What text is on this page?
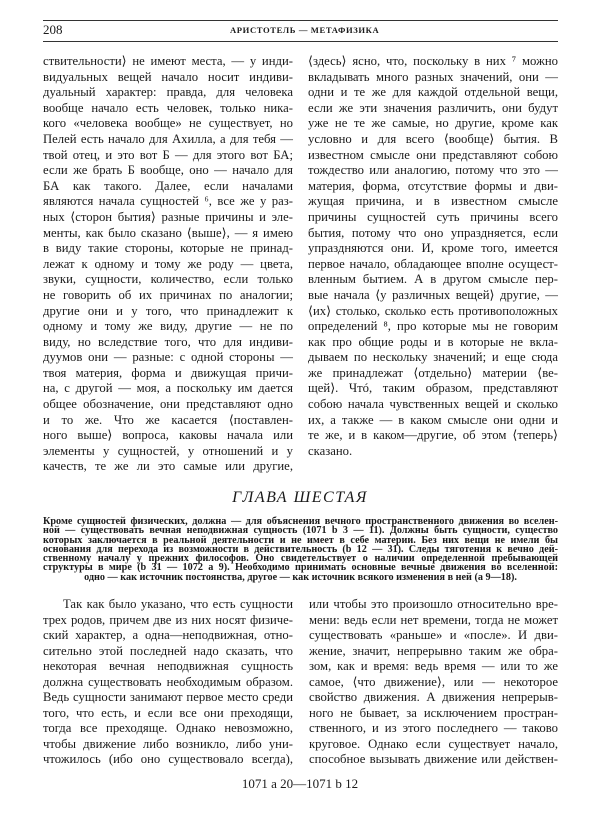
208	АРИСТОТЕЛЬ — МЕТАФИЗИКА
ствительности⟩ не имеют места, — у инди-
видуальных вещей начало носит индиви-
дуальный характер: правда, для человека
вообще начало есть человек, только ника-
кого «человека вообще» не существует, но
Пелей есть начало для Ахилла, а для тебя —
твой отец, и это вот Б — для этого вот БА;
если же брать Б вообще, оно — начало для
БА как такого. Далее, если началами
являются начала сущностей ⁶, все же у раз-
ных ⟨сторон бытия⟩ разные причины и эле-
менты, как было сказано ⟨выше⟩, — я имею
в виду такие стороны, которые не принад-
лежат к одному и тому же роду — цвета,
звуки, сущности, количество, если только
не говорить об их причинах по аналогии;
другие они и у того, что принадлежит к
одному и тому же виду, другие — не по
виду, но вследствие того, что для индиви-
дуумов они — разные: с одной стороны —
твоя материя, форма и движущая причи-
на, с другой — моя, а поскольку им дается
общее обозначение, они представляют одно
и то же. Что же касается ⟨поставлен-
ного выше⟩ вопроса, каковы начала или
элементы у сущностей, у отношений и у
качеств, те же ли это самые или другие,
⟨здесь⟩ ясно, что, поскольку в них ⁷ можно
вкладывать много разных значений, они —
одни и те же для каждой отдельной вещи,
если же эти значения различить, они будут
уже не те же самые, но другие, кроме как
условно и для всего ⟨вообще⟩ бытия. В
известном смысле они представляют собою
тождество или аналогию, потому что это —
материя, форма, отсутствие формы и дви-
жущая причина, и в известном смысле
причины сущностей суть причины всего
бытия, потому что оно упраздняется, если
упраздняются они. И, кроме того, имеется
первое начало, обладающее вполне осущест-
вленным бытием. А в другом смысле пер-
вые начала ⟨у различных вещей⟩ другие, —
⟨их⟩ столько, сколько есть противоположных
определений ⁸, про которые мы не говорим
как про общие роды и в которые не вкла-
дываем по нескольку значений; и еще сюда
же принадлежат ⟨отдельно⟩ материи ⟨ве-
щей⟩. Чтó, таким образом, представляют
собою начала чувственных вещей и сколько
их, а также — в каком смысле они одни и
те же, и в каком—другие, об этом ⟨теперь⟩
сказано.
ГЛАВА ШЕСТАЯ
Кроме сущностей физических, должна — для объяснения вечного пространственного движения во вселен-
ной — существовать вечная неподвижная сущность (1071 b 3 — 11). Должны быть сущности, существо
которых заключается в реальной деятельности и не имеет в себе материи. Без них вещи не имели бы
основания для перехода из возможности в действительность (b 12 — 31). Следы тяготения к вечно дей-
ственному началу у прежних философов. Оно свидетельствует о наличии определенной пребывающей
структуры в мире (b 31 — 1072 a 9). Необходимо принимать основные вечные движения во вселенной:
одно — как источник постоянства, другое — как источник всякого изменения в ней (a 9—18).
Так как было указано, что есть сущности
трех родов, причем две из них носят физиче-
ский характер, а одна—неподвижная, отно-
сительно этой последней надо сказать, что
некоторая вечная неподвижная сущность
должна существовать необходимым образом.
Ведь сущности занимают первое место среди
того, что есть, и если все они преходящи,
тогда все преходяще. Однако невозможно,
чтобы движение либо возникло, либо уни-
чтожилось (ибо оно существовало всегда),
или чтобы это произошло относительно вре-
мени: ведь если нет времени, тогда не может
существовать «раньше» и «после». И дви-
жение, значит, непрерывно таким же обра-
зом, как и время: ведь время — или то же
самое, ⟨что движение⟩, или — некоторое
свойство движения. А движения непрерыв-
ного не бывает, за исключением простран-
ственного, и из этого последнего — таково
круговое. Однако если существует начало,
способное вызывать движение или действен-
1071 a 20—1071 b 12
